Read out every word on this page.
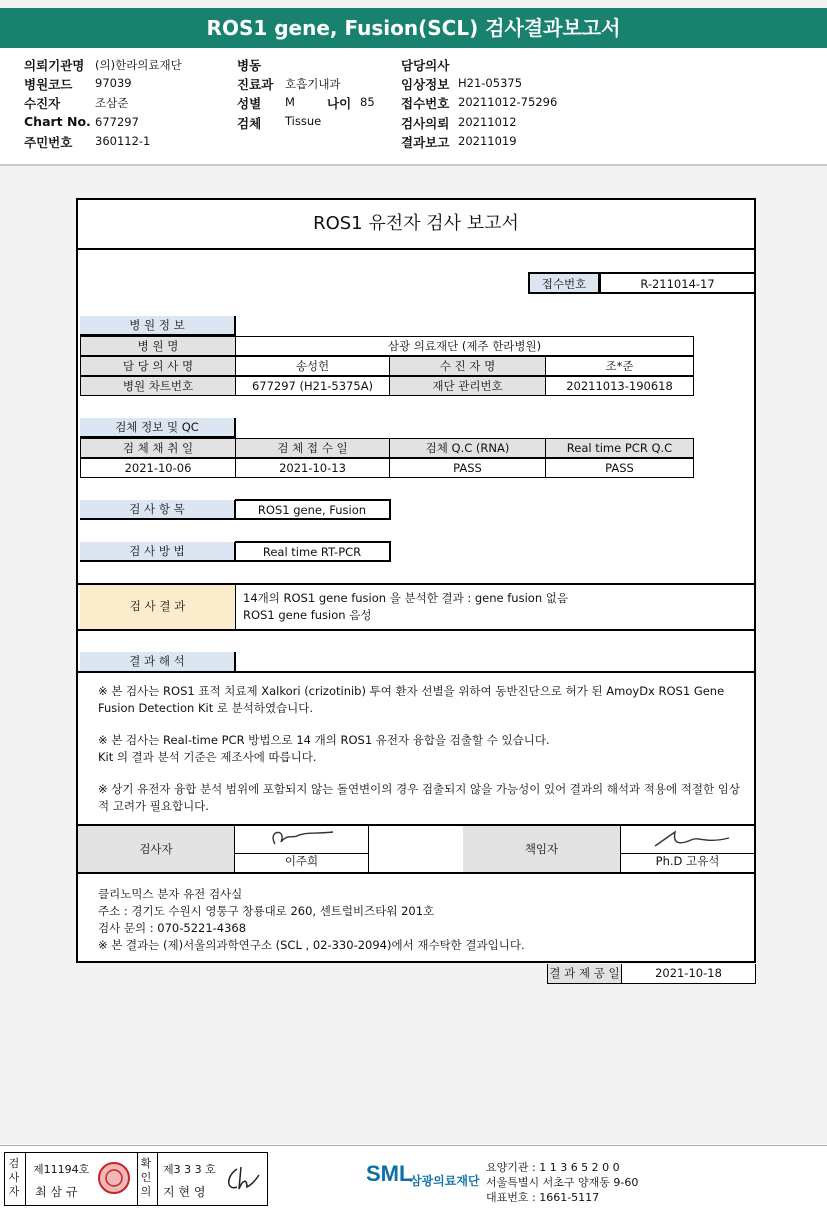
ROS1 gene, Fusion(SCL) 검사결과보고서
의뢰기관명 (의)한라의료재단
병원코드 97039
수진자	조삼준
Chart No. 677297
주민번호 360112-1
병동
진료과 호흡기내과
성별 M	나이 85
검체 Tissue
담당의사
임상정보 H21-05375
접수번호 20211012-75296
검사의뢰 20211012
결과보고 20211019
ROS1 유전자 검사 보고서
접수번호	R-211014-17
병 원 정 보
병 원 명	삼광 의료재단 (제주 한라병원)
담 당 의 사 명	송성헌	수 진 자 명	조*준
병원 차트번호	677297 (H21-5375A)	재단 관리번호	20211013-190618
검체 정보 및 QC
검 체 채 취 일	검 체 접 수 일	검체 Q.C (RNA)	Real time PCR Q.C
2021-10-06	2021-10-13	PASS	PASS
검 사 항 목	ROS1 gene, Fusion
검 사 방 법	Real time RT-PCR
검 사 결 과
14개의 ROS1 gene fusion 을 분석한 결과 : gene fusion 없음
ROS1 gene fusion 음성
결 과 해 석
※ 본 검사는 ROS1 표적 치료제 Xalkori (crizotinib) 투여 환자 선별을 위하여 동반진단으로 허가 된 AmoyDx ROS1 Gene
Fusion Detection Kit 로 분석하였습니다.
※ 본 검사는 Real-time PCR 방법으로 14 개의 ROS1 유전자 융합을 검출할 수 있습니다.
Kit 의 결과 분석 기준은 제조사에 따릅니다.
※ 상기 유전자 융합 분석 범위에 포함되지 않는 돌연변이의 경우 검출되지 않을 가능성이 있어 결과의 해석과 적용에 적절한 임상
적 고려가 필요합니다.
검사자
이주희
책임자
Ph.D 고유석
클리노믹스 분자 유전 검사실
주소 : 경기도 수원시 영통구 창룡대로 260, 센트럴비즈타워 201호
검사 문의 : 070-5221-4368
※ 본 결과는 (제)서울의과학연구소 (SCL , 02-330-2094)에서 재수탁한 결과입니다.
결 과 제 공 일	2021-10-18
검사자
제11194호
최 삼 규
확인의
제3 3 3 호
지 현 영
SML
삼광의료재단
요양기관 : 1 1 3 6 5 2 0 0
서울특별시 서초구 양재동 9-60
대표번호 : 1661-5117
